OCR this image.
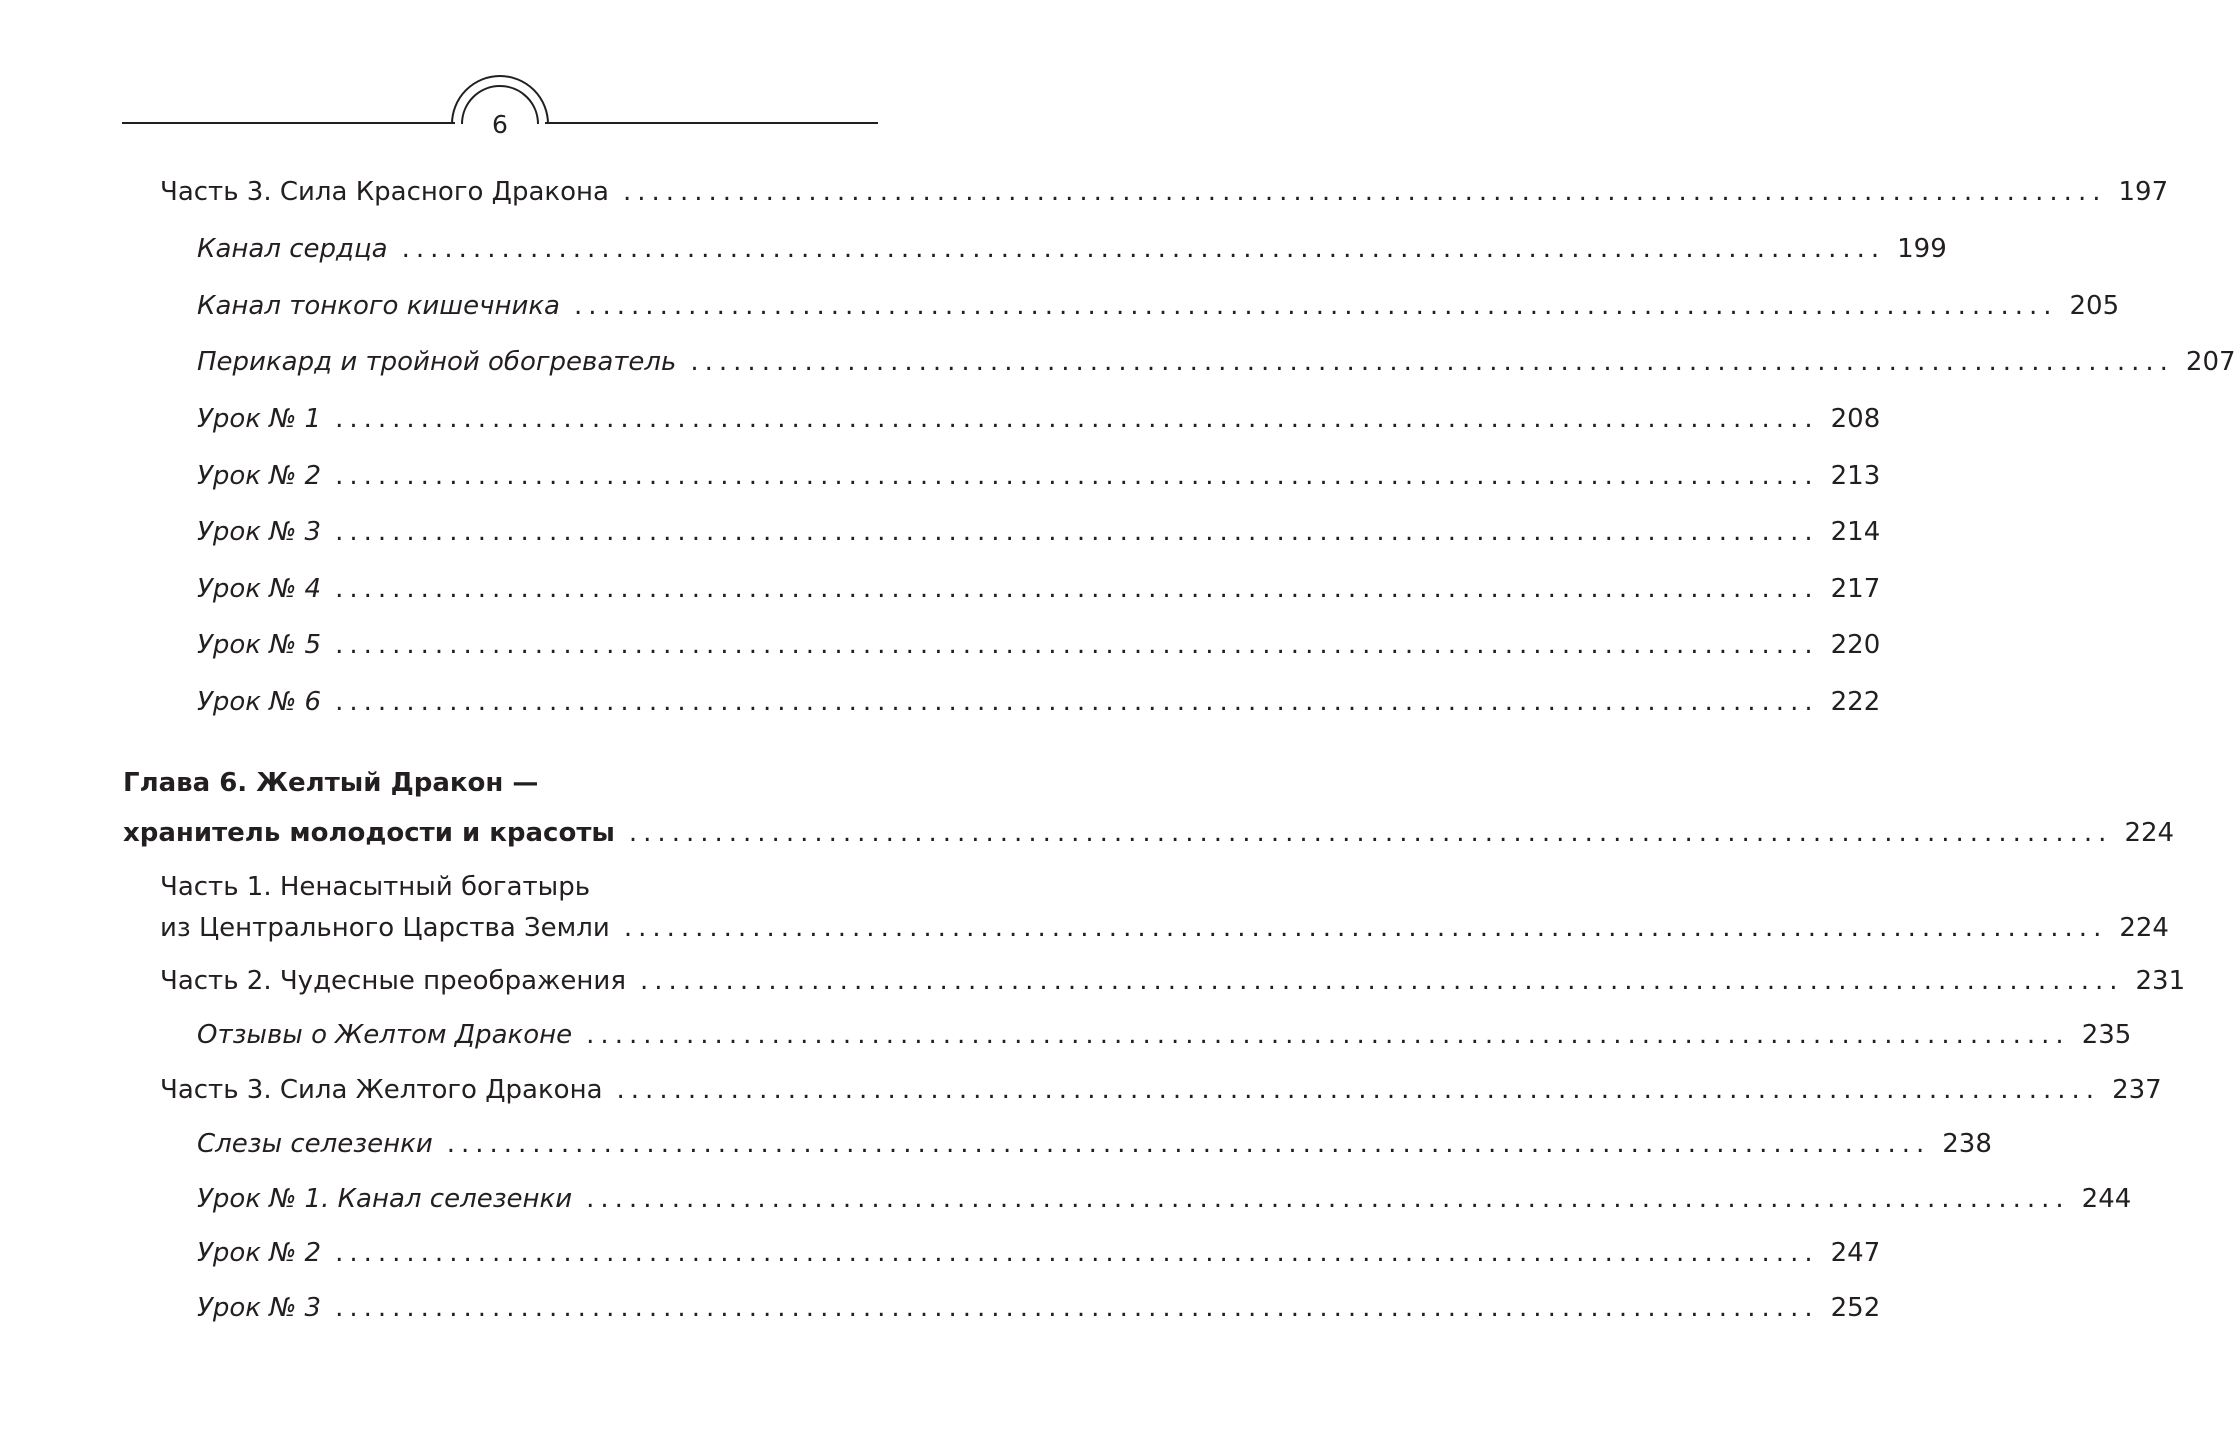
6
Часть 3. Сила Красного Дракона ........................................................................................................ 197
Канал сердца ........................................................................................................ 199
Канал тонкого кишечника ........................................................................................................ 205
Перикард и тройной обогреватель ........................................................................................................ 207
Урок № 1 ........................................................................................................ 208
Урок № 2 ........................................................................................................ 213
Урок № 3 ........................................................................................................ 214
Урок № 4 ........................................................................................................ 217
Урок № 5 ........................................................................................................ 220
Урок № 6 ........................................................................................................ 222
Глава 6. Желтый Дракон —
хранитель молодости и красоты ........................................................................................................ 224
Часть 1. Ненасытный богатырь
из Центрального Царства Земли ........................................................................................................ 224
Часть 2. Чудесные преображения ........................................................................................................ 231
Отзывы о Желтом Драконе ........................................................................................................ 235
Часть 3. Сила Желтого Дракона ........................................................................................................ 237
Слезы селезенки ........................................................................................................ 238
Урок № 1. Канал селезенки ........................................................................................................ 244
Урок № 2 ........................................................................................................ 247
Урок № 3 ........................................................................................................ 252
